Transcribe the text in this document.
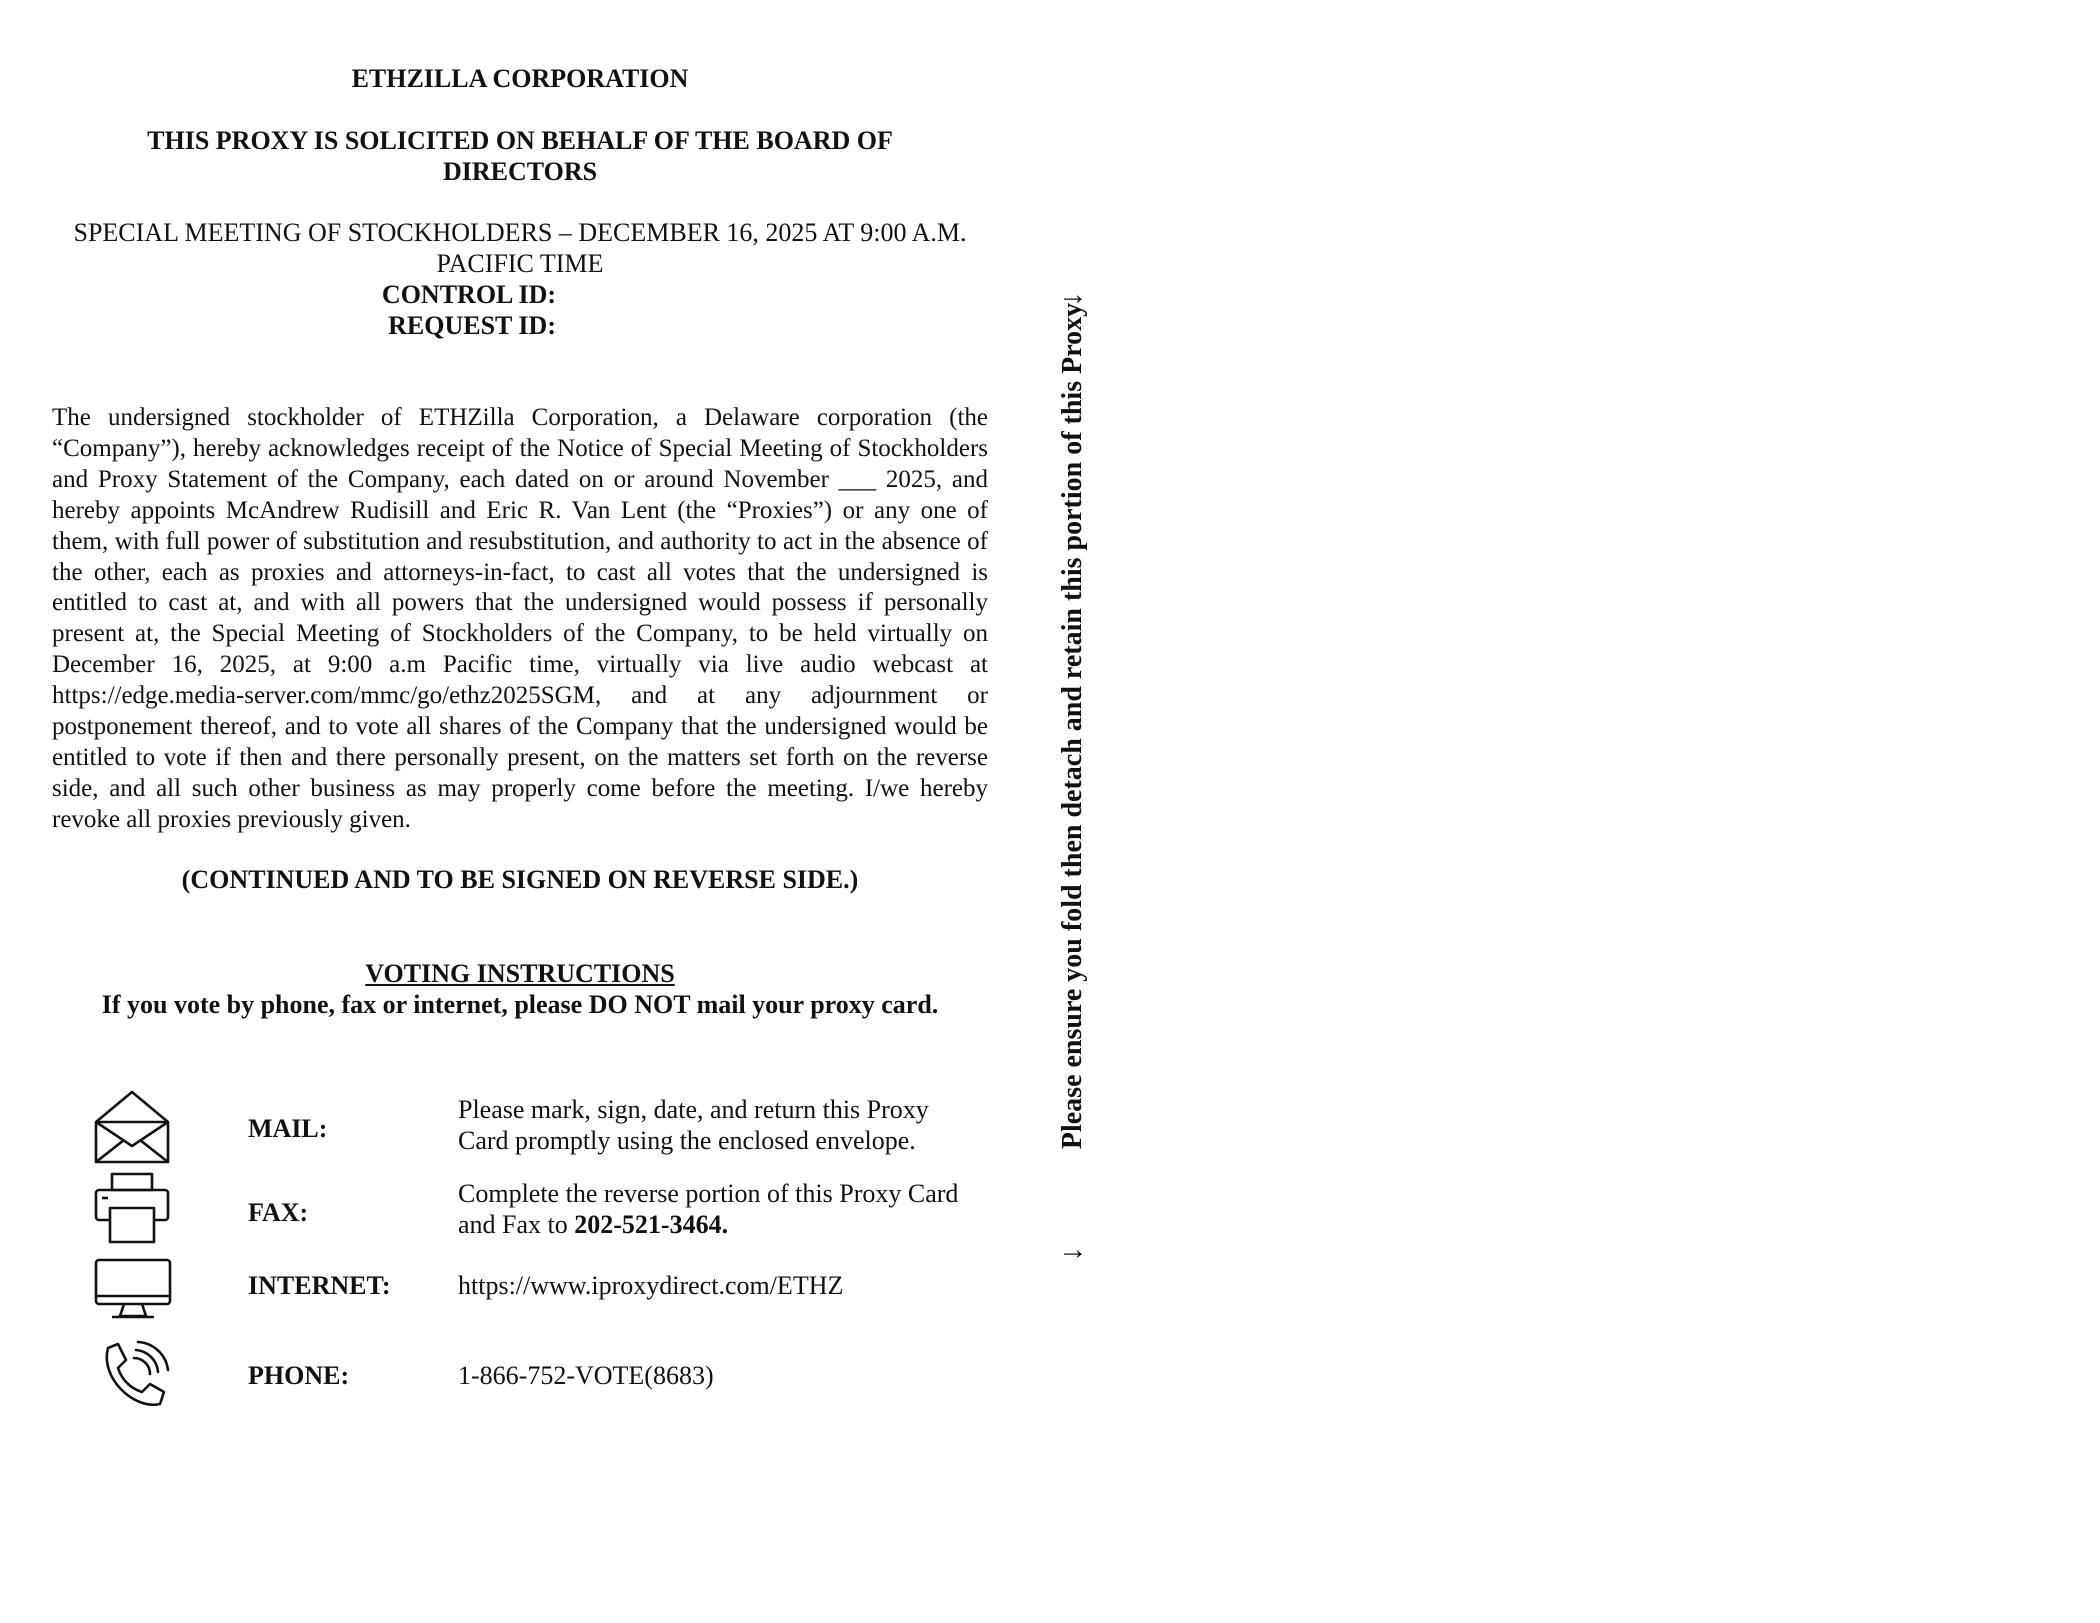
ETHZILLA CORPORATION
THIS PROXY IS SOLICITED ON BEHALF OF THE BOARD OF
DIRECTORS
SPECIAL MEETING OF STOCKHOLDERS – DECEMBER 16, 2025 AT 9:00 A.M.
PACIFIC TIME
CONTROL ID:
REQUEST ID:

The undersigned stockholder of ETHZilla Corporation, a Delaware corporation (the “Company”), hereby acknowledges receipt of the Notice of Special Meeting of Stockholders and Proxy Statement of the Company, each dated on or around November ___ 2025, and hereby appoints McAndrew Rudisill and Eric R. Van Lent (the “Proxies”) or any one of them, with full power of substitution and resubstitution, and authority to act in the absence of the other, each as proxies and attorneys-in-fact, to cast all votes that the undersigned is entitled to cast at, and with all powers that the undersigned would possess if personally present at, the Special Meeting of Stockholders of the Company, to be held virtually on December 16, 2025, at 9:00 a.m Pacific time, virtually via live audio webcast at https://edge.media-server.com/mmc/go/ethz2025SGM, and at any adjournment or postponement thereof, and to vote all shares of the Company that the undersigned would be entitled to vote if then and there personally present, on the matters set forth on the reverse side, and all such other business as may properly come before the meeting. I/we hereby revoke all proxies previously given.

(CONTINUED AND TO BE SIGNED ON REVERSE SIDE.)
VOTING INSTRUCTIONS
If you vote by phone, fax or internet, please DO NOT mail your proxy card.
MAIL:
Please mark, sign, date, and return this Proxy
Card promptly using the enclosed envelope.
FAX:
Complete the reverse portion of this Proxy Card
and Fax to 202-521-3464.
INTERNET:	https://www.iproxydirect.com/ETHZ
PHONE:	1-866-752-VOTE(8683)
→
Please ensure you fold then detach and retain this portion of this Proxy
→
